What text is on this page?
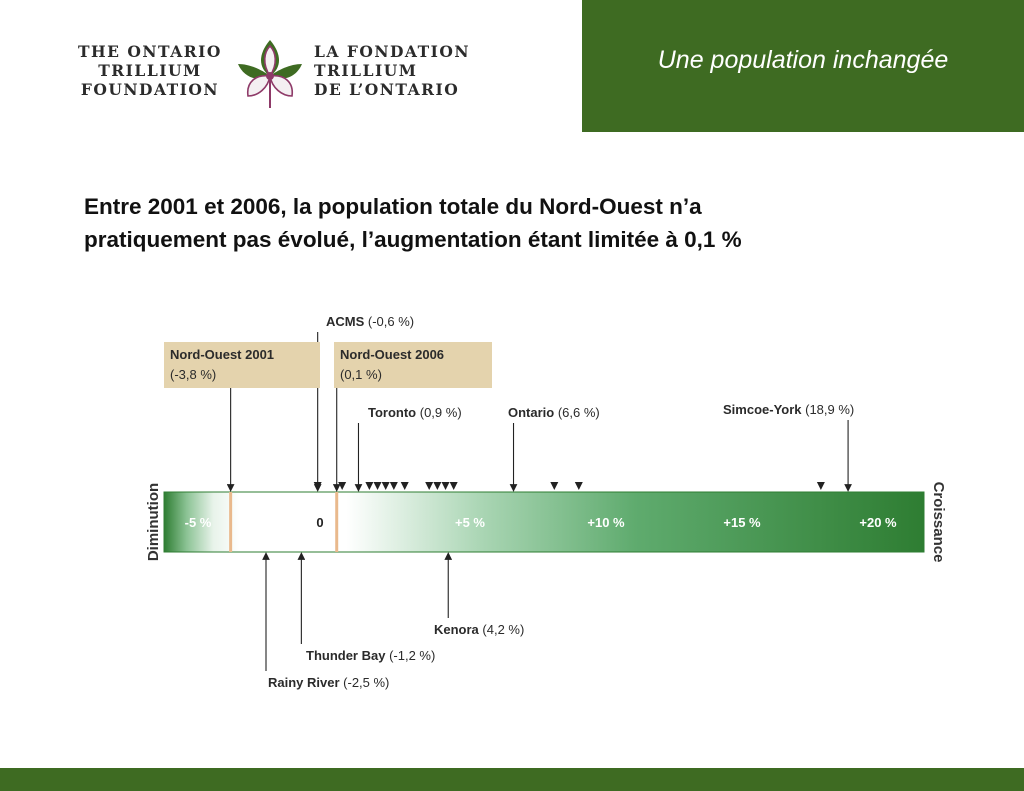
THE ONTARIO
TRILLIUM
FOUNDATION
LA FONDATION
TRILLIUM
DE L’ONTARIO
Une population inchangée
Entre 2001 et 2006, la population totale du Nord-Ouest n’a
pratiquement pas évolué, l’augmentation étant limitée à 0,1 %
-5 %	0	+5 %	+10 %	+15 %	+20 %
Diminution	Croissance
Nord-Ouest 2001
(-3,8 %)
Nord-Ouest 2006
(0,1 %)
ACMS (-0,6 %)
Toronto (0,9 %)	Ontario (6,6 %)	Simcoe-York (18,9 %)
Kenora (4,2 %)
Thunder Bay (-1,2 %)
Rainy River (-2,5 %)
